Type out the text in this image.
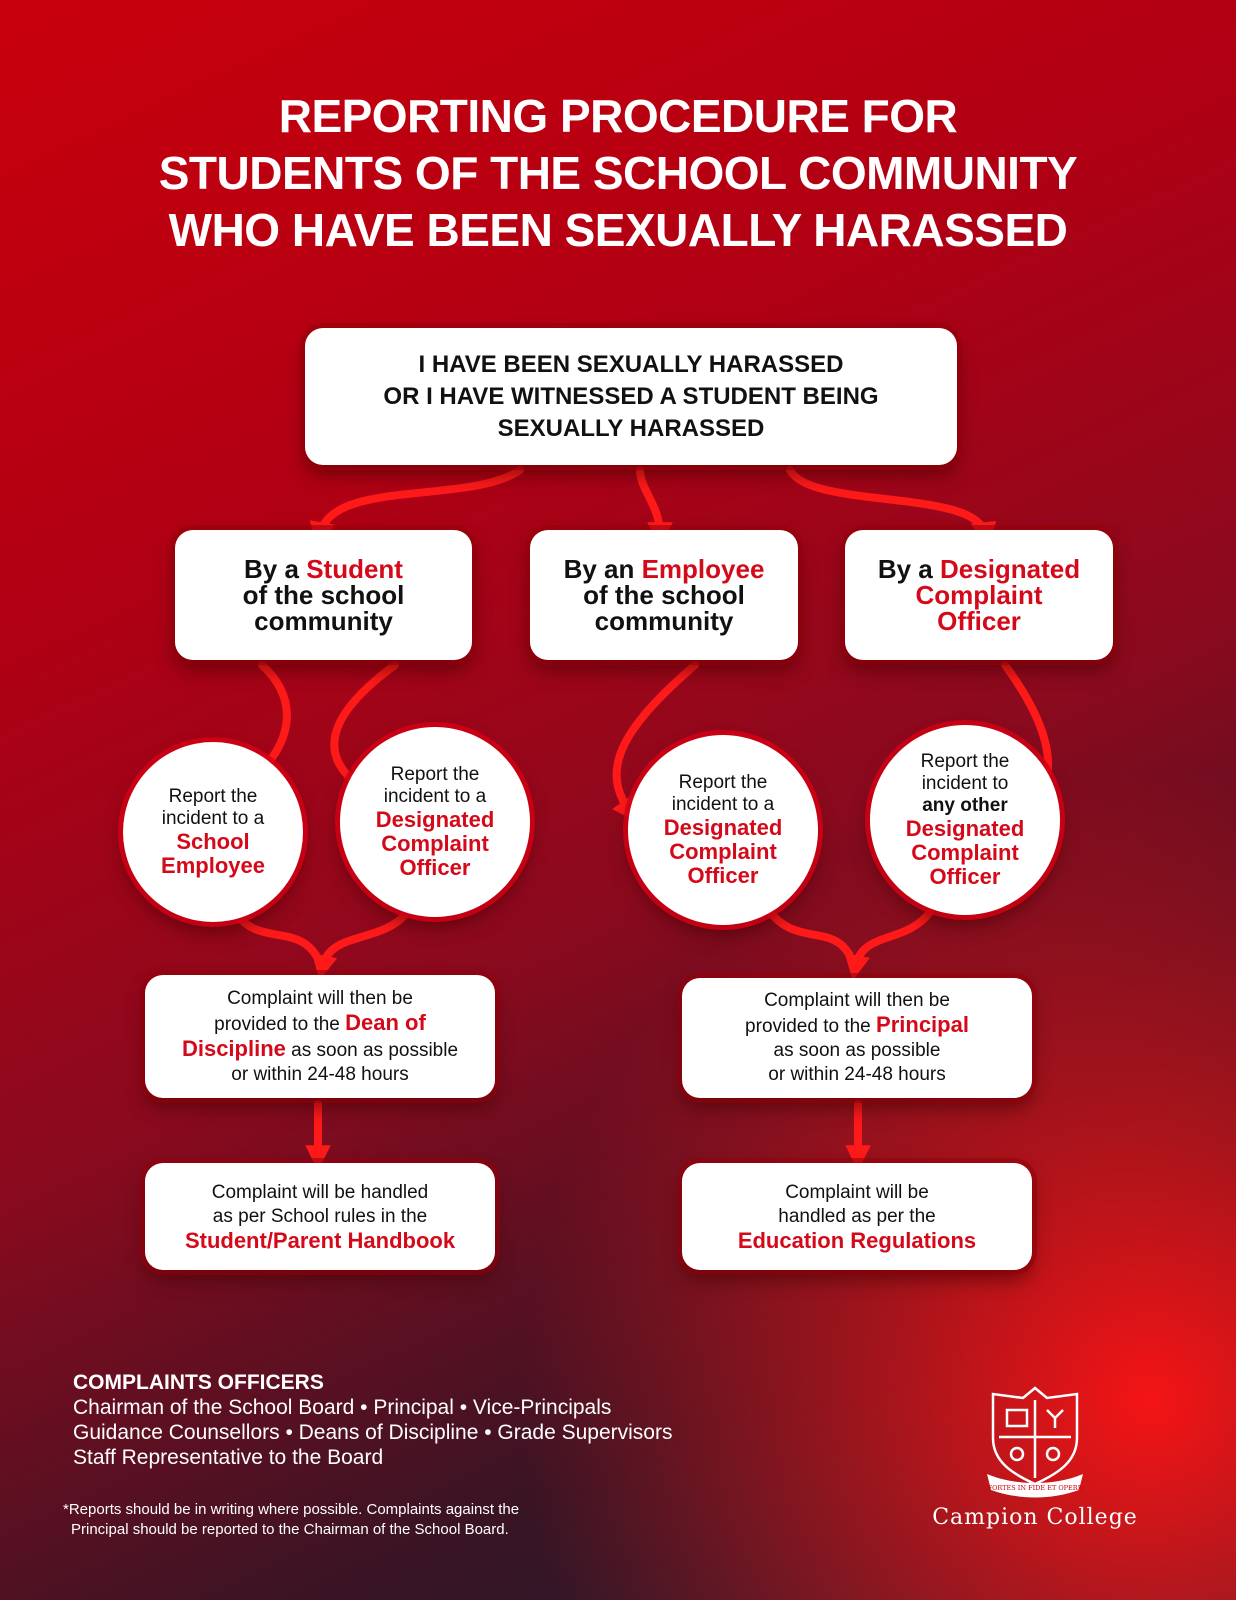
REPORTING PROCEDURE FOR
STUDENTS OF THE SCHOOL COMMUNITY
WHO HAVE BEEN SEXUALLY HARASSED
I HAVE BEEN SEXUALLY HARASSED
OR I HAVE WITNESSED A STUDENT BEING
SEXUALLY HARASSED
By a Student
of the school
community
By an Employee
of the school
community
By a Designated
Complaint
Officer
Report the
incident to a
School
Employee
Report the
incident to a
Designated
Complaint
Officer
Report the
incident to a
Designated
Complaint
Officer
Report the
incident to
any other
Designated
Complaint
Officer
Complaint will then be
provided to the Dean of
Discipline as soon as possible
or within 24-48 hours
Complaint will be handled
as per School rules in the
Student/Parent Handbook
Complaint will then be
provided to the Principal
as soon as possible
or within 24-48 hours
Complaint will be
handled as per the
Education Regulations
COMPLAINTS OFFICERS
Chairman of the School Board • Principal • Vice-Principals
Guidance Counsellors • Deans of Discipline • Grade Supervisors
Staff Representative to the Board
*Reports should be in writing where possible. Complaints against the
Principal should be reported to the Chairman of the School Board.
FORTES IN FIDE ET OPERE
Campion College
